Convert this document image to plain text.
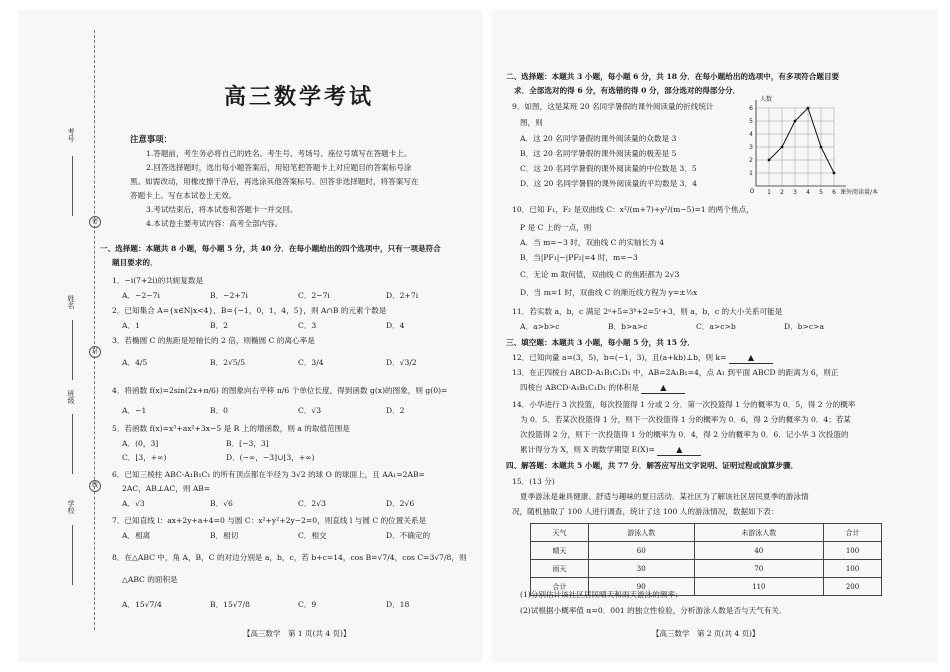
考号
姓名
班级
学校
密
封
线
高三数学考试
注意事项：
1.答题前，考生务必将自己的姓名、考生号、考场号、座位号填写在答题卡上。
2.回答选择题时，选出每小题答案后，用铅笔把答题卡上对应题目的答案标号涂
黑。如需改动，用橡皮擦干净后，再选涂其他答案标号。回答非选择题时，将答案写在
答题卡上。写在本试卷上无效。
3.考试结束后，将本试卷和答题卡一并交回。
4.本试卷主要考试内容：高考全部内容。
一、选择题：本题共 8 小题，每小题 5 分，共 40 分．在每小题给出的四个选项中，只有一项是符合
题目要求的．
1．−i(7+2i)的共轭复数是
A．−2−7i	B．−2+7i	C．2−7i	D．2+7i
2．已知集合 A={x∈N|x<4}，B={−1，0，1，4，5}，则 A∩B 的元素个数是
A．1	B．2	C．3	D．4
3．若椭圆 C 的焦距是短轴长的 2 倍，则椭圆 C 的离心率是
A．4/5	B．2√5/5	C．3/4	D．√3/2
4．将函数 f(x)=2sin(2x+π/6) 的图象向右平移 π/6 个单位长度，得到函数 g(x)的图象，则 g(0)=
A．−1	B．0	C．√3	D．2
5．若函数 f(x)=x³+ax²+3x−5 是 R 上的增函数，则 a 的取值范围是
A．(0，3]	B．[−3，3]
C．[3，+∞)	D．(−∞，−3]∪[3，+∞)
6．已知三棱柱 ABC-A₁B₁C₁ 的所有顶点都在半径为 3√2 的球 O 的球面上，且 AA₁=2AB=
2AC，AB⊥AC，则 AB=
A．√3	B．√6	C．2√3	D．2√6
7．已知直线 l：ax+2y+a+4=0 与圆 C：x²+y²+2y−2=0，则直线 l 与圆 C 的位置关系是
A．相离	B．相切	C．相交	D．不确定的
8．在△ABC 中，角 A，B，C 的对边分别是 a，b，c，若 b+c=14，cos B=√7/4，cos C=3√7/8，则
△ABC 的面积是
A．15√7/4	B．15√7/8	C．9	D．18
【高三数学　第 1 页(共 4 页)】
二、选择题：本题共 3 小题，每小题 6 分，共 18 分．在每小题给出的选项中，有多项符合题目要
求．全部选对的得 6 分，有选错的得 0 分，部分选对的得部分分．
9．如图，这是某班 20 名同学暑假的课外阅读量的折线统计
图，则
A．这 20 名同学暑假的课外阅读量的众数是 3
B．这 20 名同学暑假的课外阅读量的极差是 5
C．这 20 名同学暑假的课外阅读量的中位数是 3．5
D．这 20 名同学暑假的课外阅读量的平均数是 3．4
1 2 3 4 5 6
1
2
3
4
5
6
O
人数
课外阅读量/本
10．已知 F₁，F₂ 是双曲线 C：x²/(m+7)+y²/(m−5)=1 的两个焦点，
P 是 C 上的一点，则
A．当 m=−3 时，双曲线 C 的实轴长为 4
B．当|PF₁|−|PF₂|=4 时，m=−3
C．无论 m 取何值，双曲线 C 的焦距都为 2√3
D．当 m=1 时，双曲线 C 的渐近线方程为 y=±½x
11．若实数 a，b，c 满足 2ᵃ+5=3ᵇ+2=5ᶜ+3，则 a，b，c 的大小关系可能是
A．a>b>c	B．b>a>c	C．a>c>b	D．b>c>a
三、填空题：本题共 3 小题，每小题 5 分，共 15 分．
12．已知向量 a=(3，5)，b=(−1，3)，且(a+kb)⊥b，则 k=	▲
13．在正四棱台 ABCD-A₁B₁C₁D₁ 中，AB=2A₁B₁=4，点 A₁ 到平面 ABCD 的距离为 6，则正
四棱台 ABCD-A₁B₁C₁D₁ 的体积是	▲
14．小华进行 3 次投篮，每次投篮得 1 分或 2 分．第一次投篮得 1 分的概率为 0．5，得 2 分的概率
为 0．5．若某次投篮得 1 分，则下一次投篮得 1 分的概率为 0．6，得 2 分的概率为 0．4；若某
次投篮得 2 分，则下一次投篮得 1 分的概率为 0．4，得 2 分的概率为 0．6．记小华 3 次投篮的
累计得分为 X，则 X 的数学期望 E(X)=	▲
四、解答题：本题共 5 小题，共 77 分．解答应写出文字说明、证明过程或演算步骤．
15．(13 分)
夏季游泳是兼具健康、舒适与趣味的夏日活动．某社区为了解该社区居民夏季的游泳情
况，随机抽取了 100 人进行调查，统计了这 100 人的游泳情况，数据如下表：
天气	游泳人数	未游泳人数	合计
晴天	60	40	100
雨天	30	70	100
合计	90	110	200
(1)分别估计该社区居民晴天和雨天游泳的频率；
(2)试根据小概率值 α=0．001 的独立性检验，分析游泳人数是否与天气有关．
【高三数学　第 2 页(共 4 页)】
